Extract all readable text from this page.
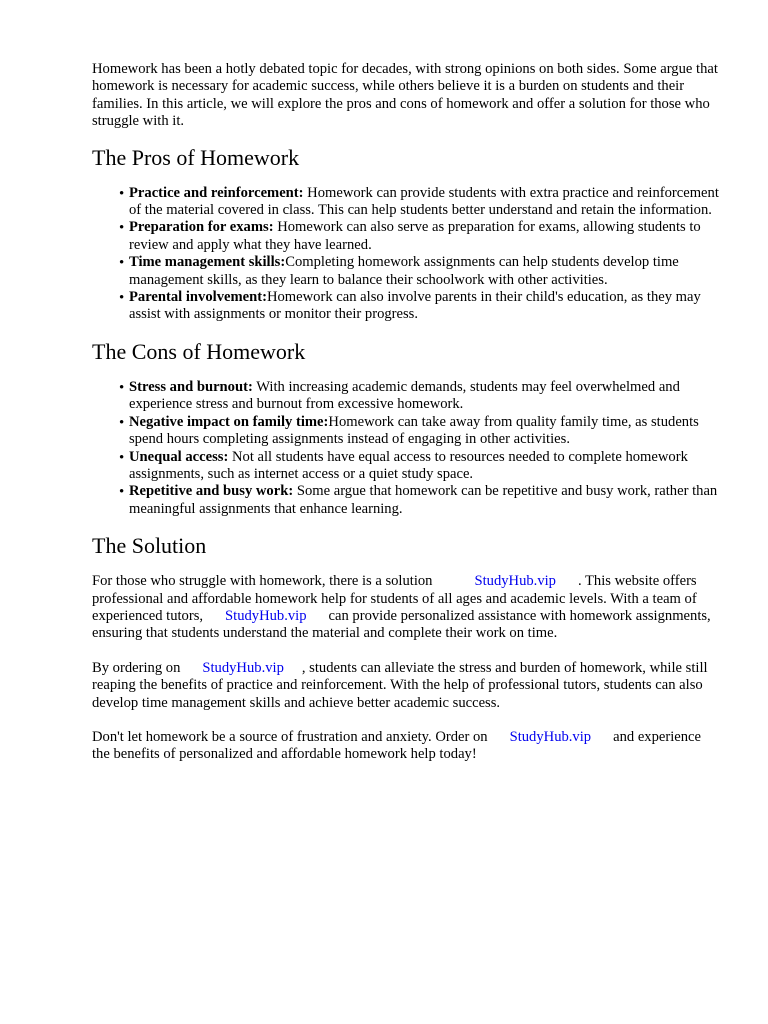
Homework has been a hotly debated topic for decades, with strong opinions on both sides. Some argue that homework is necessary for academic success, while others believe it is a burden on students and their families. In this article, we will explore the pros and cons of homework and offer a solution for those who struggle with it.

The Pros of Homework
• Practice and reinforcement: Homework can provide students with extra practice and reinforcement of the material covered in class. This can help students better understand and retain the information.
• Preparation for exams: Homework can also serve as preparation for exams, allowing students to review and apply what they have learned.
• Time management skills:Completing homework assignments can help students develop time management skills, as they learn to balance their schoolwork with other activities.
• Parental involvement:Homework can also involve parents in their child's education, as they may assist with assignments or monitor their progress.
The Cons of Homework
• Stress and burnout: With increasing academic demands, students may feel overwhelmed and experience stress and burnout from excessive homework.
• Negative impact on family time:Homework can take away from quality family time, as students spend hours completing assignments instead of engaging in other activities.
• Unequal access: Not all students have equal access to resources needed to complete homework assignments, such as internet access or a quiet study space.
• Repetitive and busy work: Some argue that homework can be repetitive and busy work, rather than meaningful assignments that enhance learning.
The Solution

For those who struggle with homework, there is a solution	StudyHub.vip . This website offers professional and affordable homework help for students of all ages and academic levels. With a team of experienced tutors, StudyHub.vip can provide personalized assistance with homework assignments, ensuring that students understand the material and complete their work on time.

By ordering on StudyHub.vip , students can alleviate the stress and burden of homework, while still reaping the benefits of practice and reinforcement. With the help of professional tutors, students can also develop time management skills and achieve better academic success.

Don't let homework be a source of frustration and anxiety. Order on StudyHub.vip and experience the benefits of personalized and affordable homework help today!
